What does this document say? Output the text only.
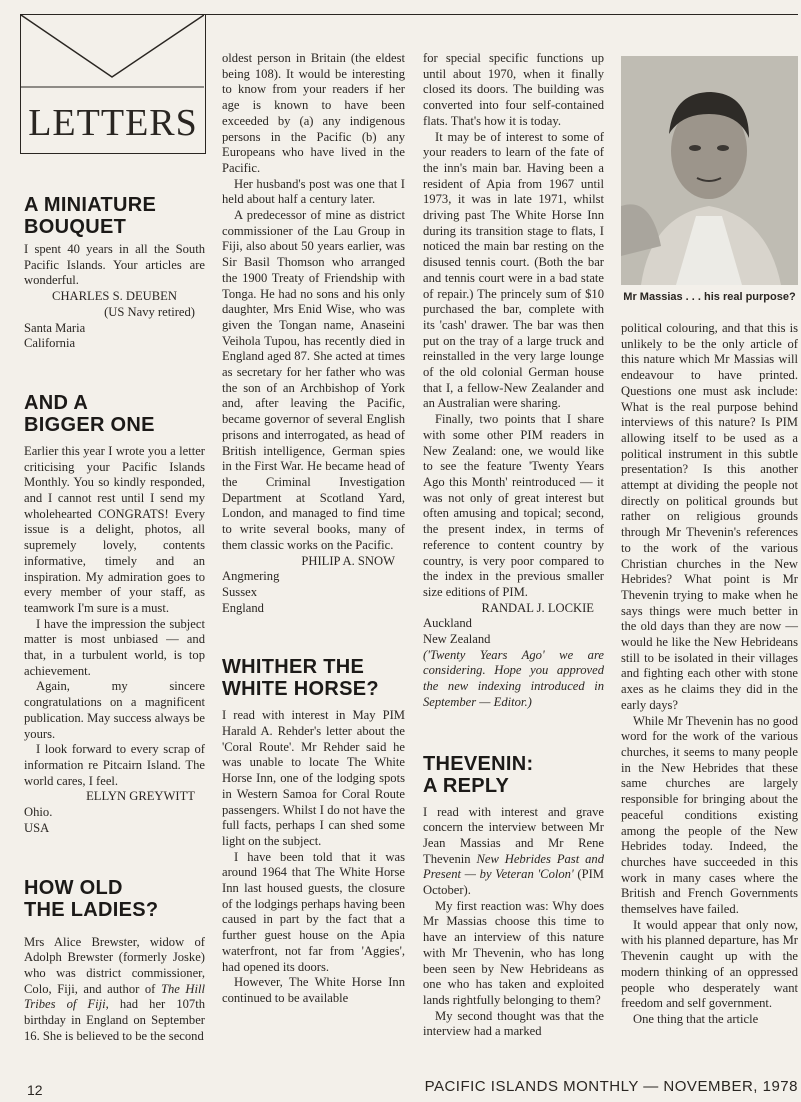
LETTERS
A MINIATURE
BOUQUET

I spent 40 years in all the South Pacific Islands. Your articles are wonderful.

CHARLES S. DEUBEN

(US Navy retired)

Santa Maria

California

AND A
BIGGER ONE

Earlier this year I wrote you a letter criticising your Pacific Islands Monthly. You so kindly responded, and I cannot rest until I send my wholehearted CONGRATS! Every issue is a delight, photos, all supremely lovely, contents informative, timely and an inspiration. My admiration goes to every member of your staff, as teamwork I'm sure is a must.

I have the impression the subject matter is most unbiased — and that, in a turbulent world, is top achievement.

Again, my sincere congratulations on a magnificent publication. May success always be yours.

I look forward to every scrap of information re Pitcairn Island. The world cares, I feel.

ELLYN GREYWITT

Ohio.

USA

HOW OLD
THE LADIES?

Mrs Alice Brewster, widow of Adolph Brewster (formerly Joske) who was district commissioner, Colo, Fiji, and author of The Hill Tribes of Fiji, had her 107th birthday in England on September 16. She is believed to be the second

oldest person in Britain (the eldest being 108). It would be interesting to know from your readers if her age is known to have been exceeded by (a) any indigenous persons in the Pacific (b) any Europeans who have lived in the Pacific.

Her husband's post was one that I held about half a century later.

A predecessor of mine as district commissioner of the Lau Group in Fiji, also about 50 years earlier, was Sir Basil Thomson who arranged the 1900 Treaty of Friendship with Tonga. He had no sons and his only daughter, Mrs Enid Wise, who was given the Tongan name, Anaseini Veihola Tupou, has recently died in England aged 87. She acted at times as secretary for her father who was the son of an Archbishop of York and, after leaving the Pacific, became governor of several English prisons and interrogated, as head of British intelligence, German spies in the First War. He became head of the Criminal Investigation Department at Scotland Yard, London, and managed to find time to write several books, many of them classic works on the Pacific.

PHILIP A. SNOW

Angmering

Sussex

England

WHITHER THE
WHITE HORSE?

I read with interest in May PIM Harald A. Rehder's letter about the 'Coral Route'. Mr Rehder said he was unable to locate The White Horse Inn, one of the lodging spots in Western Samoa for Coral Route passengers. Whilst I do not have the full facts, perhaps I can shed some light on the subject.

I have been told that it was around 1964 that The White Horse Inn last housed guests, the closure of the lodgings perhaps having been caused in part by the fact that a further guest house on the Apia waterfront, not far from 'Aggies', had opened its doors.

However, The White Horse Inn continued to be available

for special specific functions up until about 1970, when it finally closed its doors. The building was converted into four self-contained flats. That's how it is today.

It may be of interest to some of your readers to learn of the fate of the inn's main bar. Having been a resident of Apia from 1967 until 1973, it was in late 1971, whilst driving past The White Horse Inn during its transition stage to flats, I noticed the main bar resting on the disused tennis court. (Both the bar and tennis court were in a bad state of repair.) The princely sum of $10 purchased the bar, complete with its 'cash' drawer. The bar was then put on the tray of a large truck and reinstalled in the very large lounge of the old colonial German house that I, a fellow-New Zealander and an Australian were sharing.

Finally, two points that I share with some other PIM readers in New Zealand: one, we would like to see the feature 'Twenty Years Ago this Month' reintroduced — it was not only of great interest but often amusing and topical; second, the present index, in terms of reference to content country by country, is very poor compared to the index in the previous smaller size editions of PIM.

RANDAL J. LOCKIE

Auckland

New Zealand

('Twenty Years Ago' we are considering. Hope you approved the new indexing introduced in September — Editor.)

THEVENIN:
A REPLY

I read with interest and grave concern the interview between Mr Jean Massias and Mr Rene Thevenin New Hebrides Past and Present — by Veteran 'Colon' (PIM October).

My first reaction was: Why does Mr Massias choose this time to have an interview of this nature with Mr Thevenin, who has long been seen by New Hebrideans as one who has taken and exploited lands rightfully belonging to them?

My second thought was that the interview had a marked

Mr Massias . . . his real purpose?

political colouring, and that this is unlikely to be the only article of this nature which Mr Massias will endeavour to have printed. Questions one must ask include: What is the real purpose behind interviews of this nature? Is PIM allowing itself to be used as a political instrument in this subtle presentation? Is this another attempt at dividing the people not directly on political grounds but rather on religious grounds through Mr Thevenin's references to the work of the various Christian churches in the New Hebrides? What point is Mr Thevenin trying to make when he says things were much better in the old days than they are now — would he like the New Hebrideans still to be isolated in their villages and fighting each other with stone axes as he claims they did in the early days?

While Mr Thevenin has no good word for the work of the various churches, it seems to many people in the New Hebrides that these same churches are largely responsible for bringing about the peaceful conditions existing among the people of the New Hebrides today. Indeed, the churches have succeeded in this work in many cases where the British and French Governments themselves have failed.

It would appear that only now, with his planned departure, has Mr Thevenin caught up with the modern thinking of an oppressed people who desperately want freedom and self government.

One thing that the article

12	PACIFIC ISLANDS MONTHLY — NOVEMBER, 1978
